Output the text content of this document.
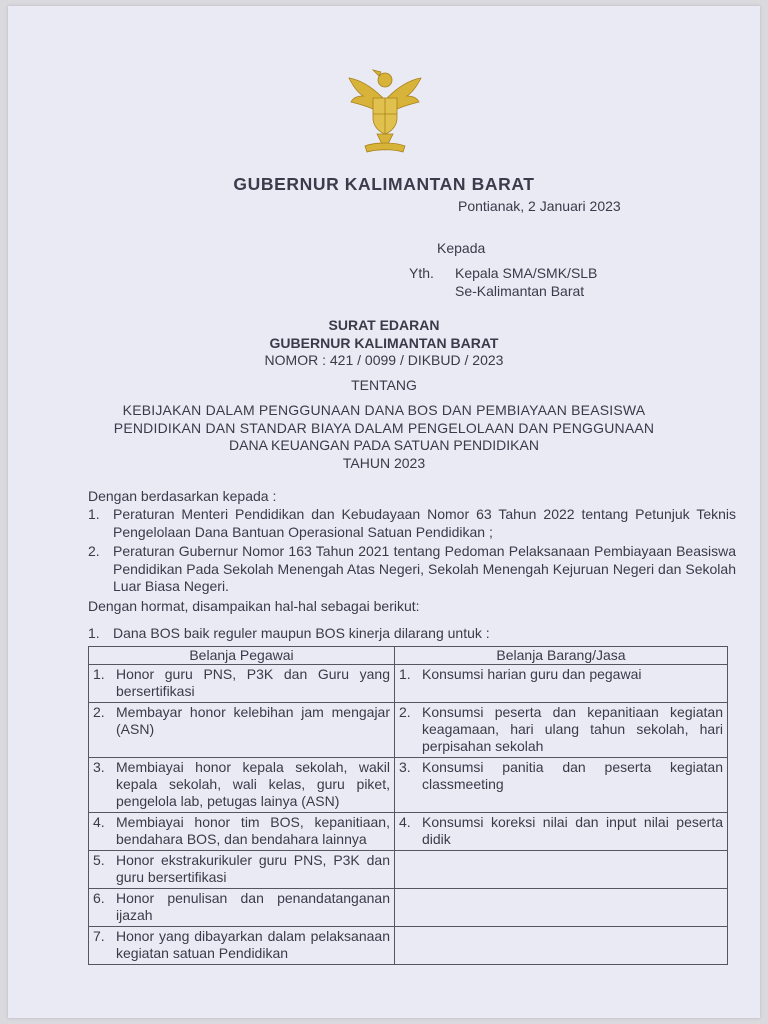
GUBERNUR KALIMANTAN BARAT
Pontianak, 2 Januari 2023
Kepada
Yth. Kepala SMA/SMK/SLB
Se-Kalimantan Barat
SURAT EDARAN
GUBERNUR KALIMANTAN BARAT
NOMOR : 421 / 0099 / DIKBUD / 2023
TENTANG
KEBIJAKAN DALAM PENGGUNAAN DANA BOS DAN PEMBIAYAAN BEASISWA
PENDIDIKAN DAN STANDAR BIAYA DALAM PENGELOLAAN DAN PENGGUNAAN
DANA KEUANGAN PADA SATUAN PENDIDIKAN
TAHUN 2023
Dengan berdasarkan kepada :
1. Peraturan Menteri Pendidikan dan Kebudayaan Nomor 63 Tahun 2022 tentang Petunjuk Teknis Pengelolaan Dana Bantuan Operasional Satuan Pendidikan ;
2. Peraturan Gubernur Nomor 163 Tahun 2021 tentang Pedoman Pelaksanaan Pembiayaan Beasiswa Pendidikan Pada Sekolah Menengah Atas Negeri, Sekolah Menengah Kejuruan Negeri dan Sekolah Luar Biasa Negeri.
Dengan hormat, disampaikan hal-hal sebagai berikut:
1. Dana BOS baik reguler maupun BOS kinerja dilarang untuk :
Belanja Pegawai	Belanja Barang/Jasa

1. Honor guru PNS, P3K dan Guru yang bersertifikasi	1. Konsumsi harian guru dan pegawai

2. Membayar honor kelebihan jam mengajar (ASN)	2. Konsumsi peserta dan kepanitiaan kegiatan keagamaan, hari ulang tahun sekolah, hari perpisahan sekolah

3. Membiayai honor kepala sekolah, wakil kepala sekolah, wali kelas, guru piket, pengelola lab, petugas lainya (ASN)	3. Konsumsi panitia dan peserta kegiatan classmeeting

4. Membiayai honor tim BOS, kepanitiaan, bendahara BOS, dan bendahara lainnya	4. Konsumsi koreksi nilai dan input nilai peserta didik

5. Honor ekstrakurikuler guru PNS, P3K dan guru bersertifikasi	

6. Honor penulisan dan penandatanganan ijazah	

7. Honor yang dibayarkan dalam pelaksanaan kegiatan satuan Pendidikan	
